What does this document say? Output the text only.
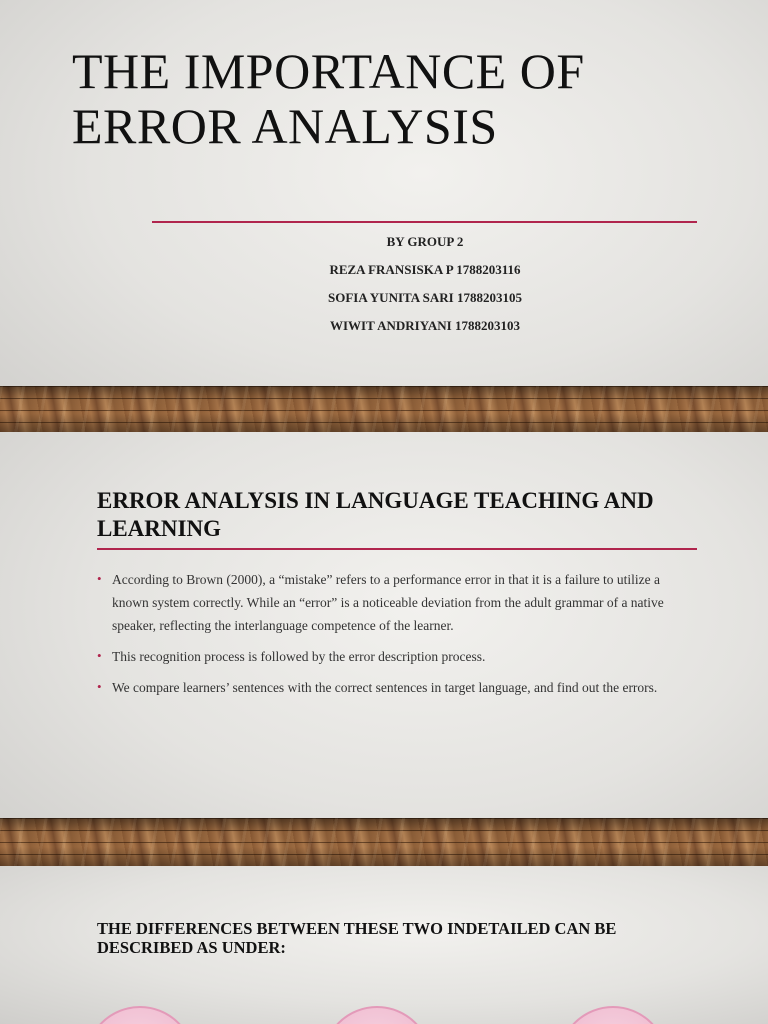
THE IMPORTANCE OF ERROR ANALYSIS

BY GROUP 2

REZA FRANSISKA P 1788203116

SOFIA YUNITA SARI 1788203105

WIWIT ANDRIYANI 1788203103

ERROR ANALYSIS IN LANGUAGE TEACHING AND LEARNING
• According to Brown (2000), a “mistake” refers to a performance error in that it is a failure to utilize a known system correctly. While an “error” is a noticeable deviation from the adult grammar of a native speaker, reflecting the interlanguage competence of the learner.
• This recognition process is followed by the error description process.
• We compare learners’ sentences with the correct sentences in target language, and find out the errors.
THE DIFFERENCES BETWEEN THESE TWO INDETAILED CAN BE DESCRIBED AS UNDER:
